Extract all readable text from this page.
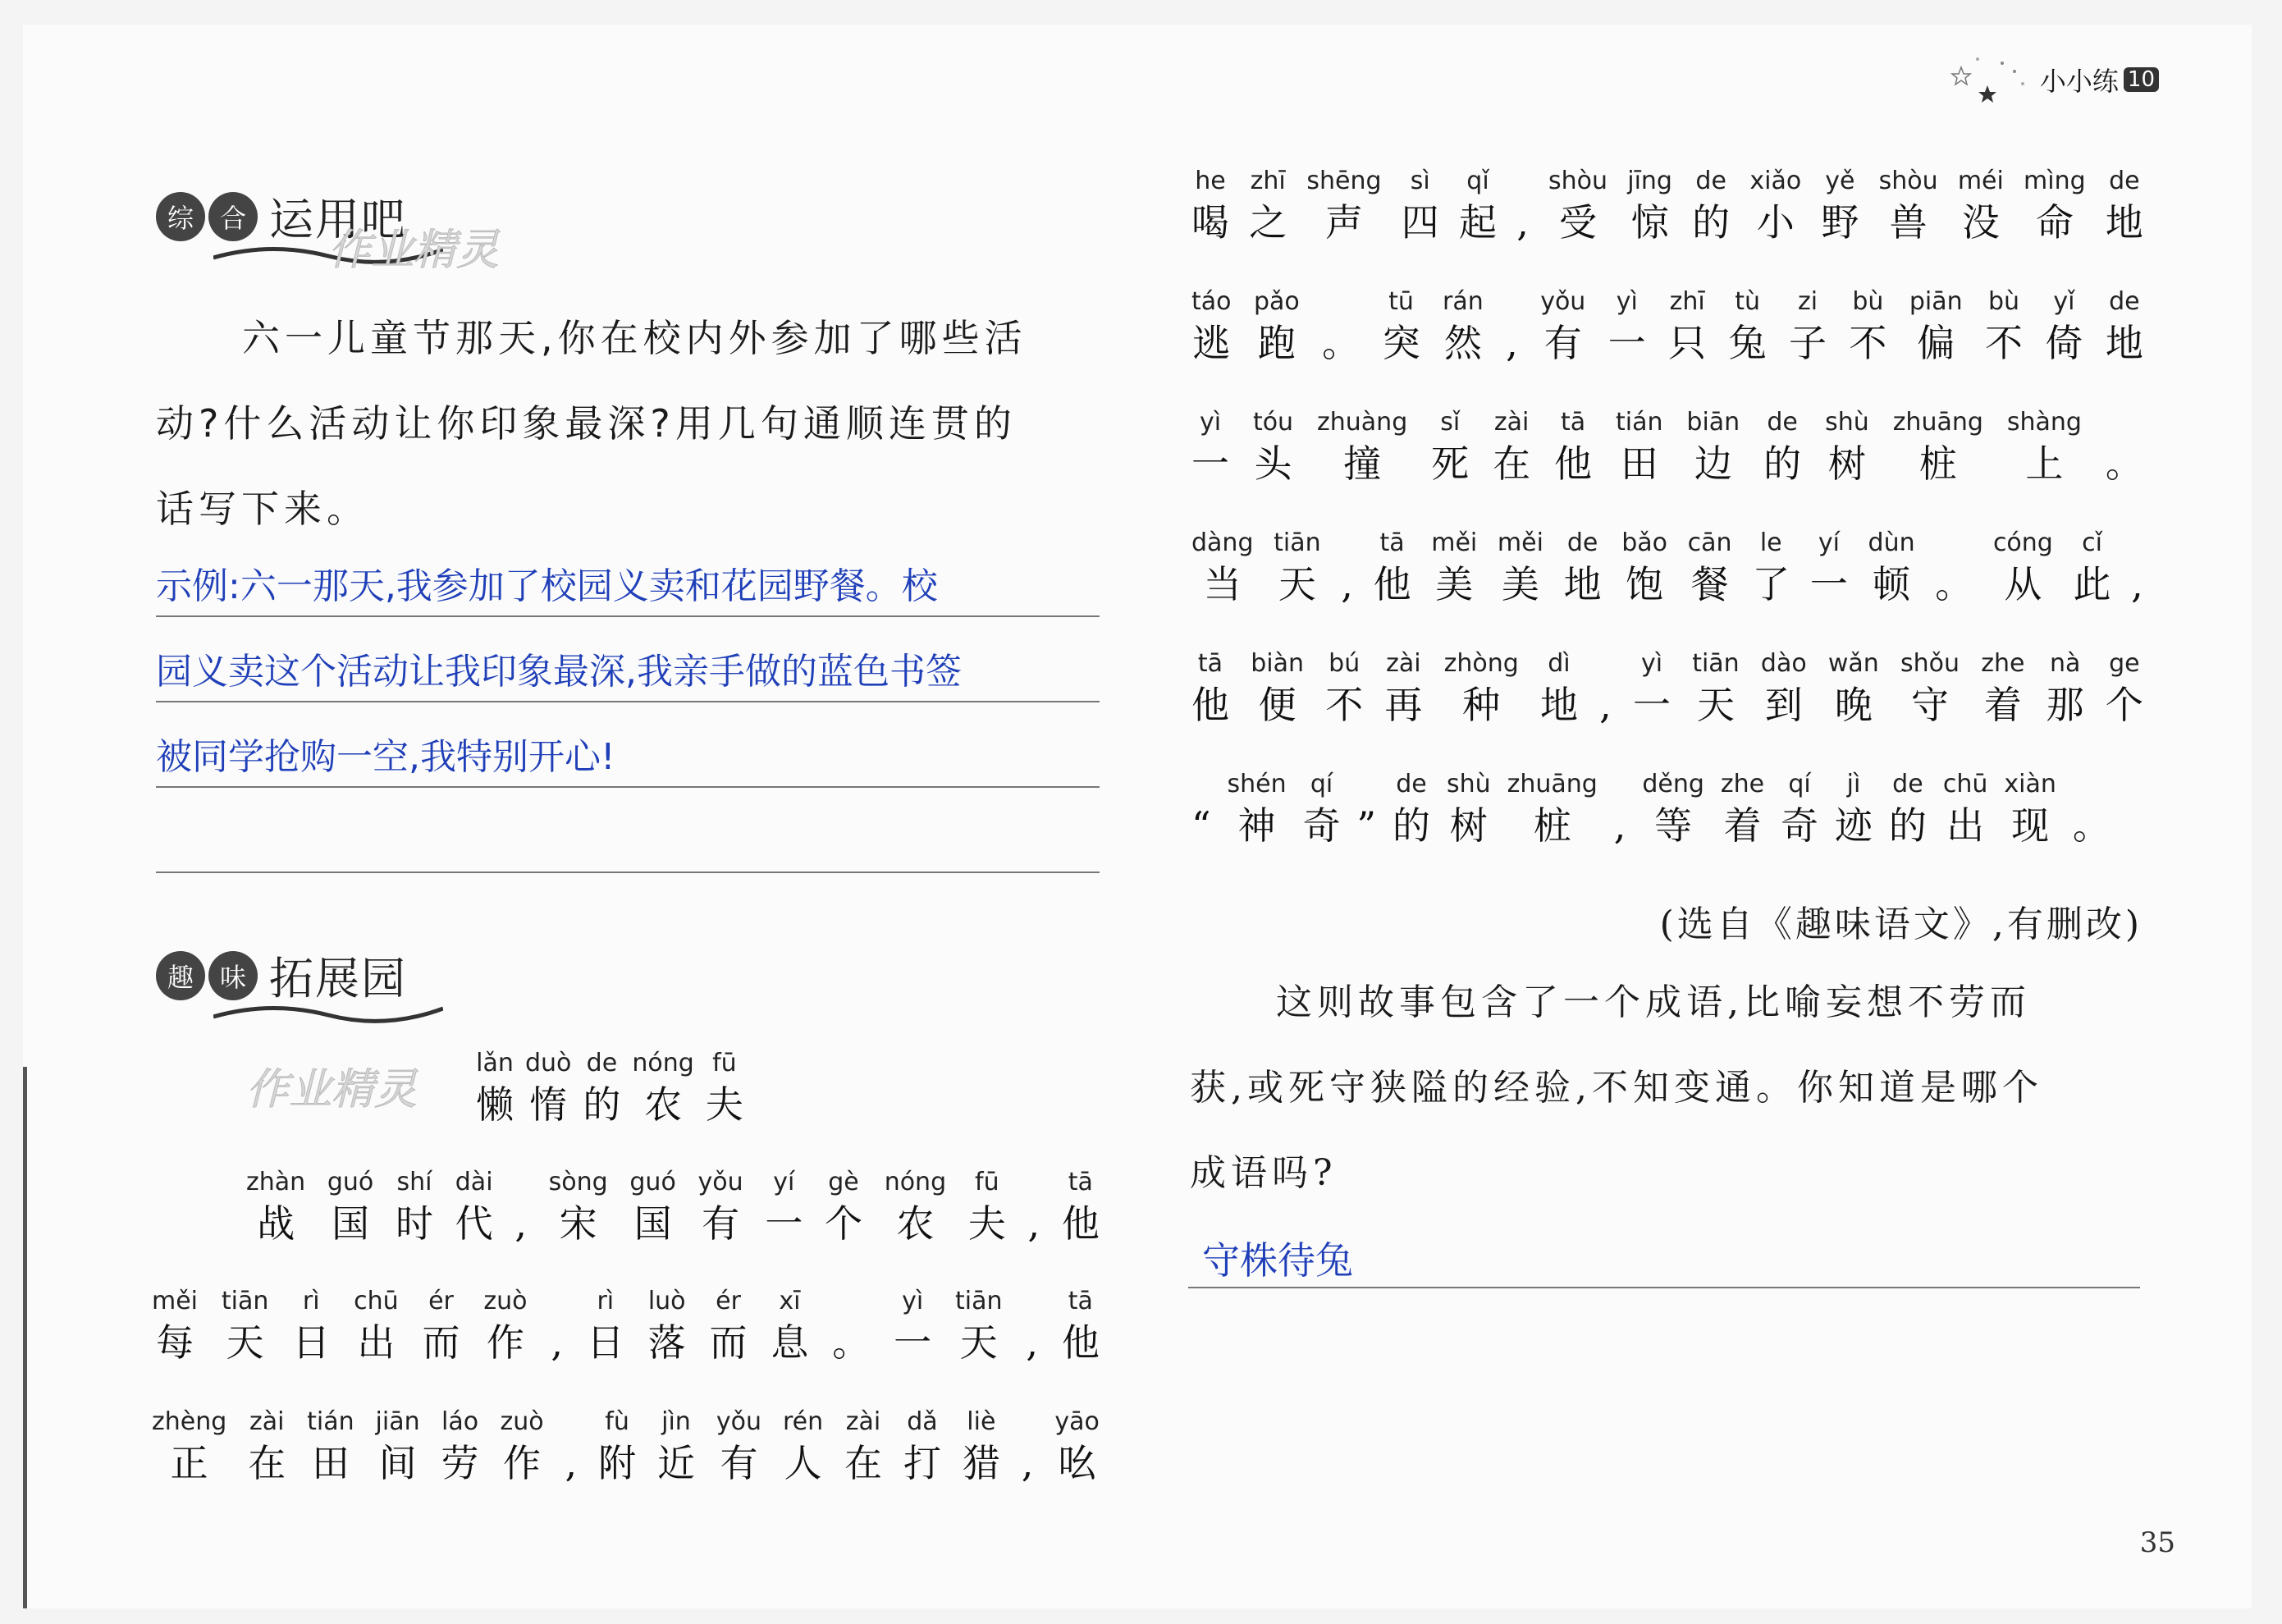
小小练 10
综 合 运用吧
作业精灵
六一儿童节那天,你在校内外参加了哪些活
动?什么活动让你印象最深?用几句通顺连贯的
话写下来。
示例:六一那天,我参加了校园义卖和花园野餐。校
园义卖这个活动让我印象最深,我亲手做的蓝色书签
被同学抢购一空,我特别开心!
趣 味 拓展园
作业精灵
lǎn
懒
duò
惰
de
的
nóng
农
fū
夫
zhàn
战
guó
国
shí
时
dài
代 ,
sòng
宋
guó
国
yǒu
有
yí
一
gè
个
nóng
农
fū
夫 ,
tā
他
měi
每
tiān
天
rì
日
chū
出
ér
而
zuò
作 ,
rì
日
luò
落
ér
而
xī
息 。
yì
一
tiān
天 ,
tā
他
zhèng
正
zài
在
tián
田
jiān
间
láo
劳
zuò
作 ,
fù
附
jìn
近
yǒu
有
rén
人
zài
在
dǎ
打
liè
猎 ,
yāo
吆
he
喝
zhī
之
shēng
声
sì
四
qǐ
起 ,
shòu
受
jīng
惊
de
的
xiǎo
小
yě
野
shòu
兽
méi
没
mìng
命
de
地
táo
逃
pǎo
跑 。
tū
突
rán
然 ,
yǒu
有
yì
一
zhī
只
tù
兔
zi
子
bù
不
piān
偏
bù
不
yǐ
倚
de
地
yì
一
tóu
头
zhuàng
撞
sǐ
死
zài
在
tā
他
tián
田
biān
边
de
的
shù
树
zhuāng
桩
shàng
上 。
dàng
当
tiān
天 ,
tā
他
měi
美
měi
美
de
地
bǎo
饱
cān
餐
le
了
yí
一
dùn
顿 。
cóng
从
cǐ
此 ,
tā
他
biàn
便
bú
不
zài
再
zhòng
种
dì
地 ,
yì
一
tiān
天
dào
到
wǎn
晚
shǒu
守
zhe
着
nà
那
ge
个
“
shén
神
qí
奇 ”
de
的
shù
树
zhuāng
桩 ,
děng
等
zhe
着
qí
奇
jì
迹
de
的
chū
出
xiàn
现 。
(选自《趣味语文》,有删改)
这则故事包含了一个成语,比喻妄想不劳而
获,或死守狭隘的经验,不知变通。你知道是哪个
成语吗?
守株待兔
35
